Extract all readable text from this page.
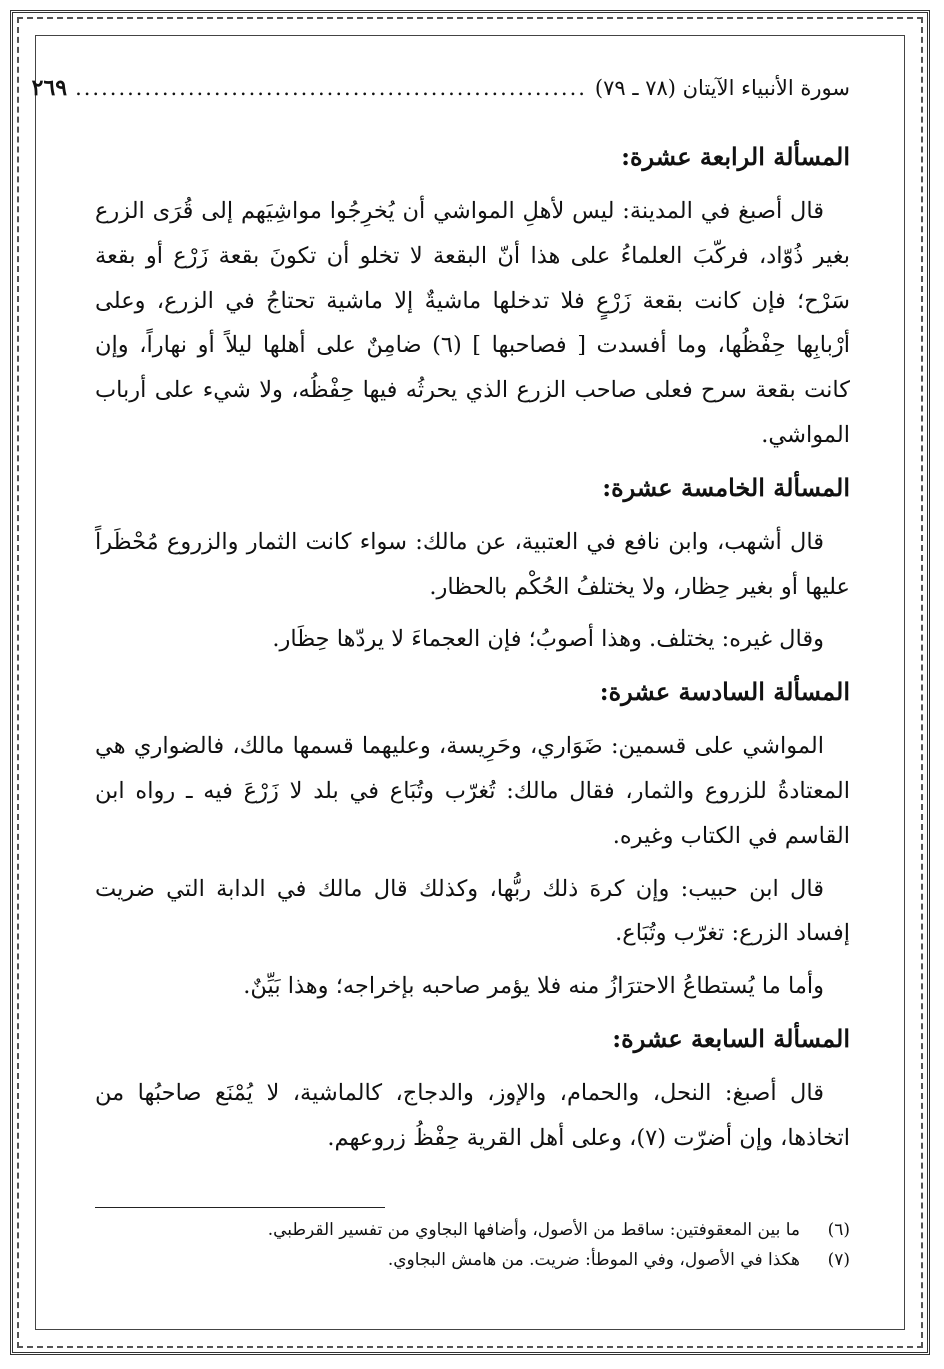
سورة الأنبياء الآيتان (٧٨ ـ ٧٩)
...........................................................
٢٦٩
المسألة الرابعة عشرة:

قال أصبغ في المدينة: ليس لأهلِ المواشي أن يُخرِجُوا مواشِيَهم إلى قُرَى الزرع بغير ذُوّاد، فركّبَ العلماءُ على هذا أنّ البقعة لا تخلو أن تكونَ بقعة زَرْع أو بقعة سَرْح؛ فإن كانت بقعة زَرْعٍ فلا تدخلها ماشيةٌ إلا ماشية تحتاجُ في الزرع، وعلى أرْبابِها حِفْظُها، وما أفسدت [ فصاحبها ] (٦) ضامِنٌ على أهلها ليلاً أو نهاراً، وإن كانت بقعة سرح فعلى صاحب الزرع الذي يحرثُه فيها حِفْظُه، ولا شيء على أرباب المواشي.

المسألة الخامسة عشرة:

قال أشهب، وابن نافع في العتبية، عن مالك: سواء كانت الثمار والزروع مُحْظَراً عليها أو بغير حِظار، ولا يختلفُ الحُكْم بالحظار.

وقال غيره: يختلف. وهذا أصوبُ؛ فإن العجماءَ لا يردّها حِظَار.

المسألة السادسة عشرة:

المواشي على قسمين: ضَوَاري، وحَرِيسة، وعليهما قسمها مالك، فالضواري هي المعتادةُ للزروع والثمار، فقال مالك: تُغرّب وتُبَاع في بلد لا زَرْعَ فيه ـ رواه ابن القاسم في الكتاب وغيره.

قال ابن حبيب: وإن كرهَ ذلك ربُّها، وكذلك قال مالك في الدابة التي ضريت إفساد الزرع: تغرّب وتُبَاع.

وأما ما يُستطاعُ الاحترَازُ منه فلا يؤمر صاحبه بإخراجه؛ وهذا بَيِّنٌ.

المسألة السابعة عشرة:

قال أصبغ: النحل، والحمام، والإوز، والدجاج، كالماشية، لا يُمْنَع صاحبُها من اتخاذها، وإن أضرّت (٧)، وعلى أهل القرية حِفْظُ زروعهم.

(٦)
ما بين المعقوفتين: ساقط من الأصول، وأضافها البجاوي من تفسير القرطبي.
(٧)
هكذا في الأصول، وفي الموطأ: ضريت. من هامش البجاوي.
